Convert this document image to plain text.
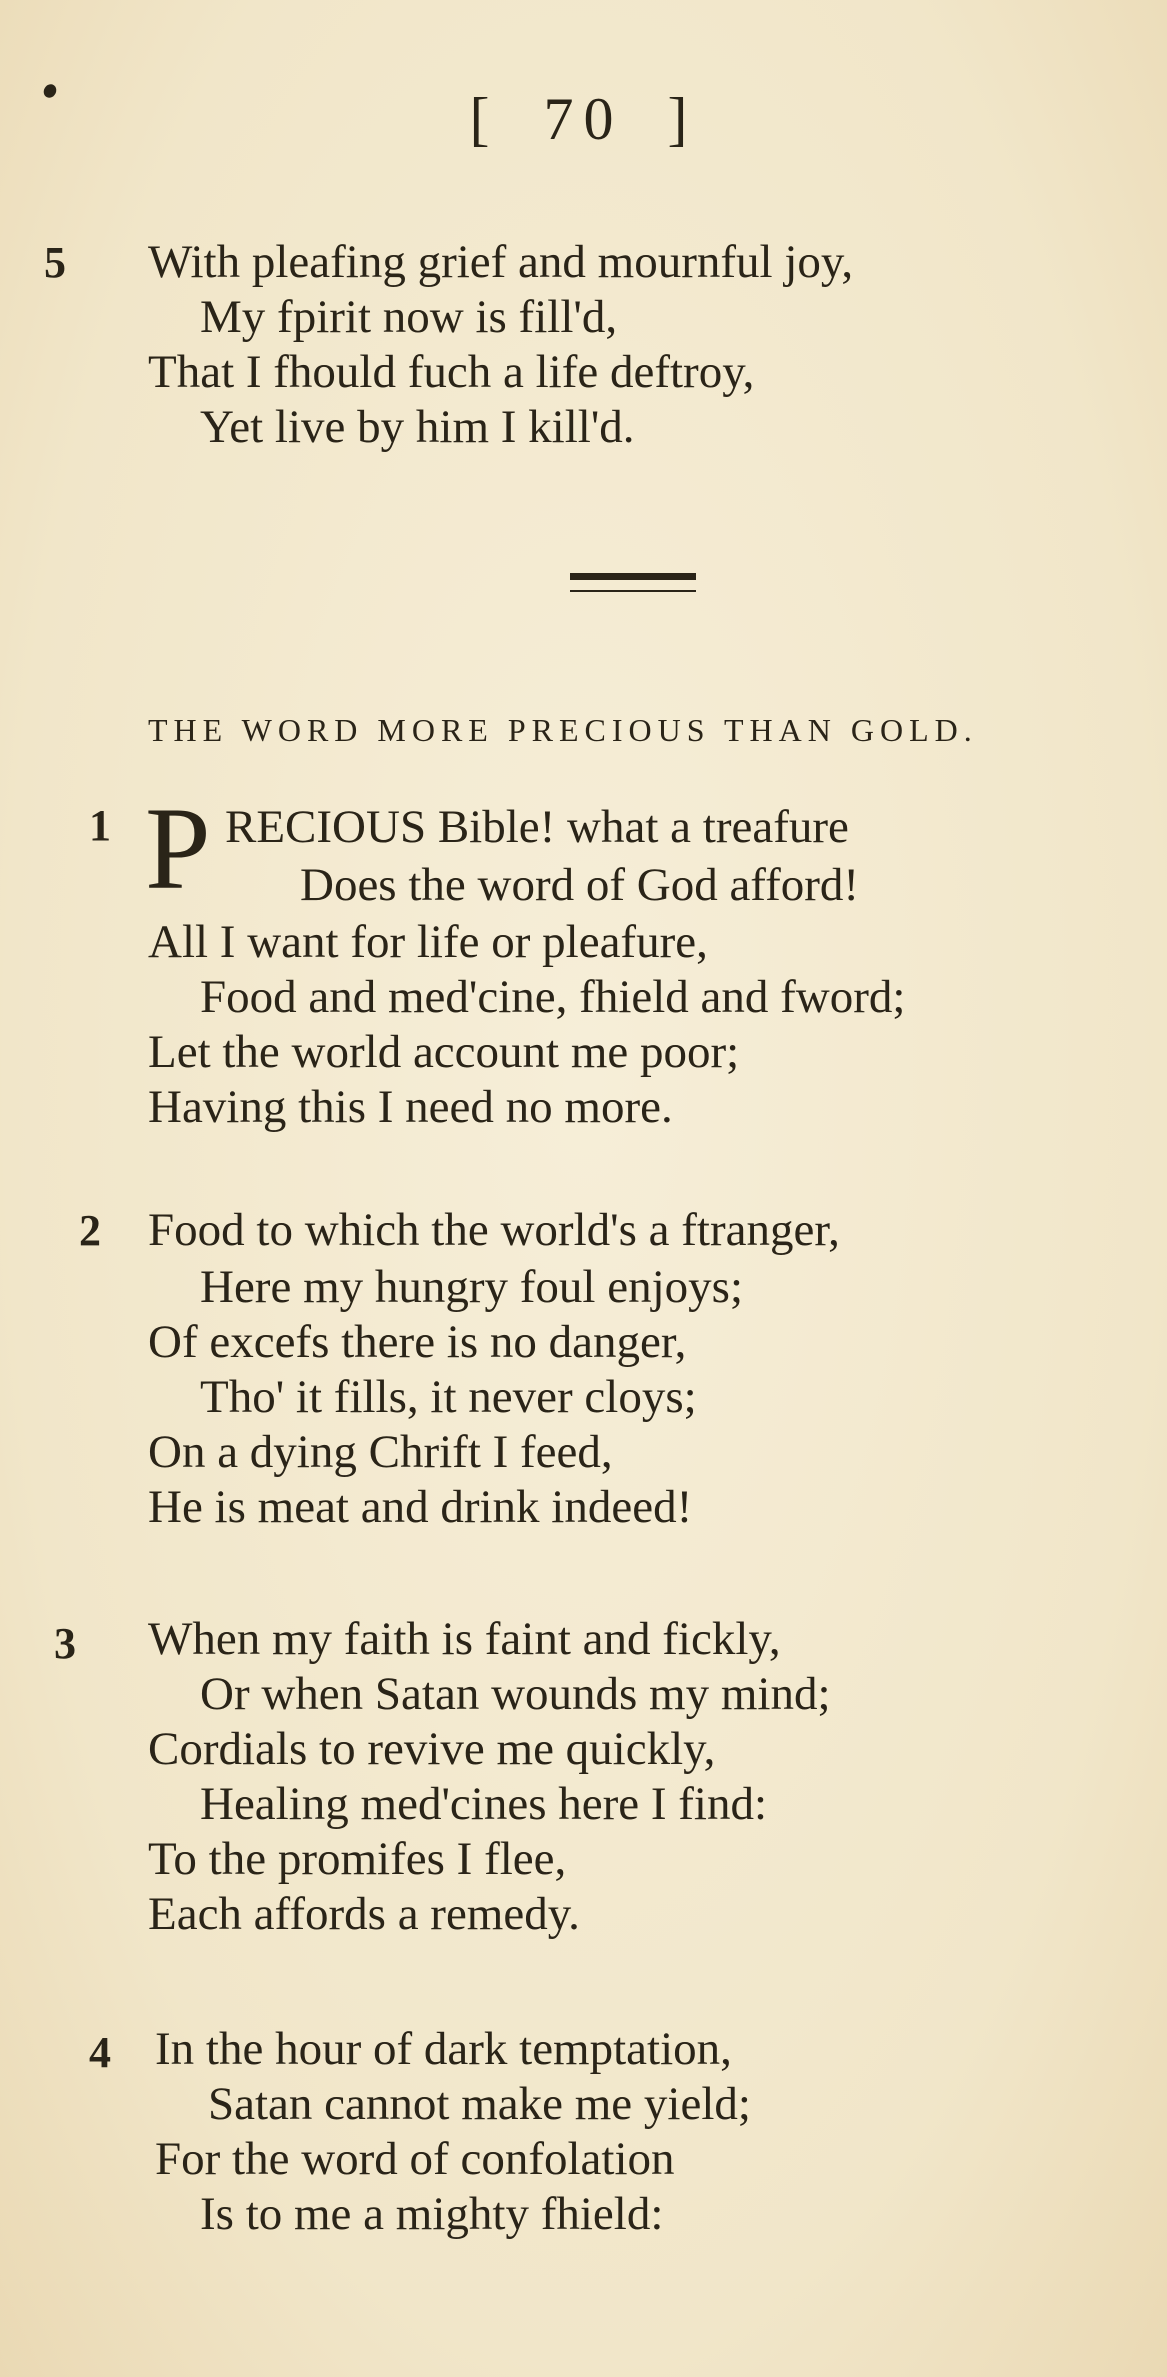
[ 70 ]
5 With pleafing grief and mournful joy,
My fpirit now is fill'd,
That I fhould fuch a life deftroy,
Yet live by him I kill'd.
THE WORD MORE PRECIOUS THAN GOLD.
1 P RECIOUS Bible! what a treafure
Does the word of God afford!
All I want for life or pleafure,
Food and med'cine, fhield and fword;
Let the world account me poor;
Having this I need no more.
2 Food to which the world's a ftranger,
Here my hungry foul enjoys;
Of excefs there is no danger,
Tho' it fills, it never cloys;
On a dying Chrift I feed,
He is meat and drink indeed!
3 When my faith is faint and fickly,
Or when Satan wounds my mind;
Cordials to revive me quickly,
Healing med'cines here I find:
To the promifes I flee,
Each affords a remedy.
4 In the hour of dark temptation,
Satan cannot make me yield;
For the word of confolation
Is to me a mighty fhield:
